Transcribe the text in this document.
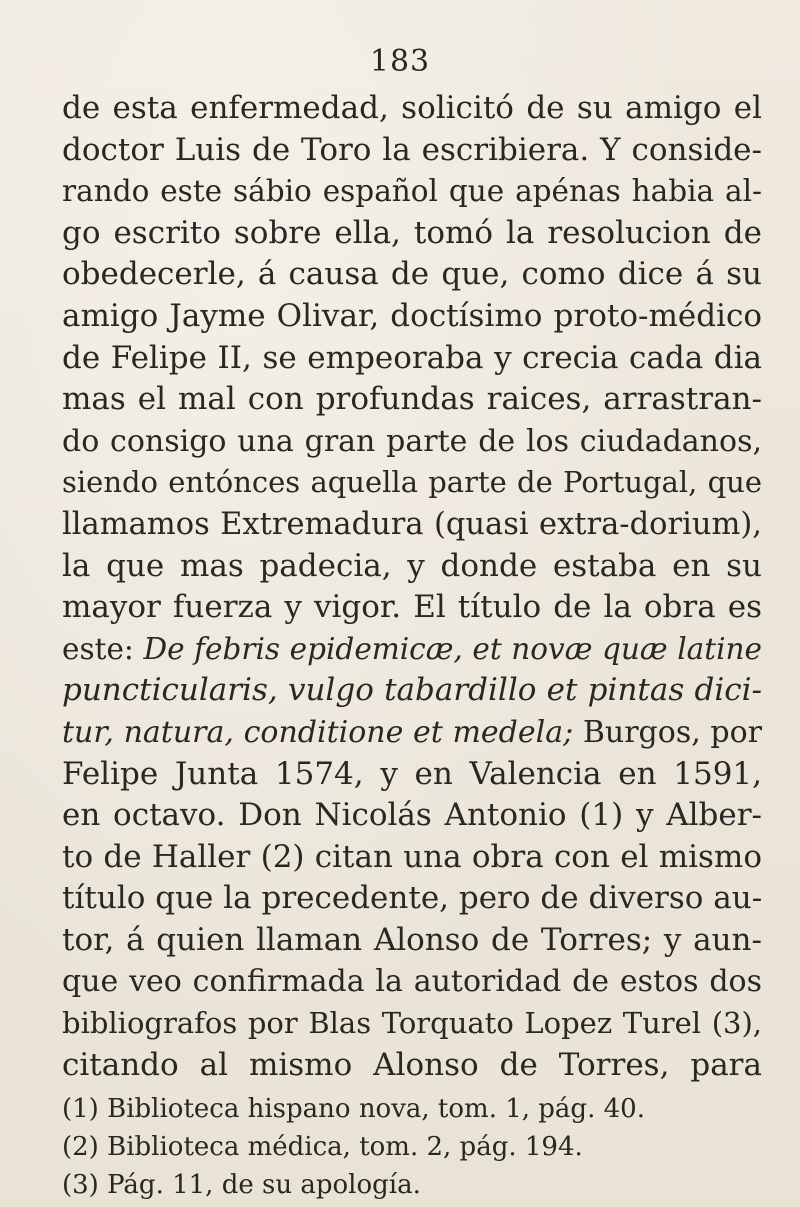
183
de esta enfermedad, solicitó de su amigo el
doctor Luis de Toro la escribiera. Y conside-
rando este sábio español que apénas habia al-
go escrito sobre ella, tomó la resolucion de
obedecerle, á causa de que, como dice á su
amigo Jayme Olivar, doctísimo proto-médico
de Felipe II, se empeoraba y crecia cada dia
mas el mal con profundas raices, arrastran-
do consigo una gran parte de los ciudadanos,
siendo entónces aquella parte de Portugal, que
llamamos Extremadura (quasi extra-dorium),
la que mas padecia, y donde estaba en su
mayor fuerza y vigor. El título de la obra es
este: De febris epidemicæ, et novæ quæ latine
puncticularis, vulgo tabardillo et pintas dici-
tur, natura, conditione et medela; Burgos, por
Felipe Junta 1574, y en Valencia en 1591,
en octavo. Don Nicolás Antonio (1) y Alber-
to de Haller (2) citan una obra con el mismo
título que la precedente, pero de diverso au-
tor, á quien llaman Alonso de Torres; y aun-
que veo confirmada la autoridad de estos dos
bibliografos por Blas Torquato Lopez Turel (3),
citando al mismo Alonso de Torres, para
(1) Biblioteca hispano nova, tom. 1, pág. 40.
(2) Biblioteca médica, tom. 2, pág. 194.
(3) Pág. 11, de su apología.
